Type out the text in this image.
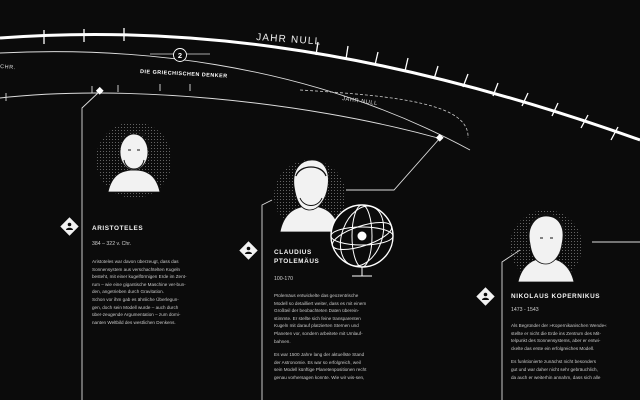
JAHR NULL
CHR.
2
DIE GRIECHISCHEN DENKER
JAHR NULL
ARISTOTELES
384 – 322 v. Chr.

Aristoteles war davon überzeugt, dass das
Sonnensystem aus verschachtelten Kugeln
besteht, mit einer kugelförmigen Erde im Zent-
rum – wie eine gigantische Maschine ver-bun-
den, angetrieben durch Gravitation.
Schon vor ihm gab es ähnliche Überlegun-
gen, doch sein Modell wurde – auch durch
über-zeugende Argumentation – zum domi-
nanten Weltbild des westlichen Denkens.

CLAUDIUS
PTOLEMÄUS
100-170

Ptolemäus entwickelte das geozentrische
Modell so detailliert weiter, dass es mit einem
Großteil der beobachteten Daten überein-
stimmte. Er stellte sich feine transparenten
Kugeln mit darauf platzierten Sternen und
Planeten vor, sondern arbeitete mit Umlauf-
bahnen.

Es war 1500 Jahre lang der aktuellste Stand
der Astronomie. Es war so erfolgreich, weil
sein Modell künftige Planetenpositionen recht
genau vorhersagen konnte. Wie wir wis-sen,

NIKOLAUS KOPERNIKUS
1473 - 1543

Als Begründer der »Kopernikanischen Wende«
stellte er nicht die Erde ins Zentrum des Mit-
telpunkt des Sonnensystems, aber er entwi-
ckelte das erste ein erfolgreiches Modell.

Es funktionierte zunächst nicht besonders
gut und war daher nicht sehr gebräuchlich,
da auch er weiterhin annahm, dass sich alle
